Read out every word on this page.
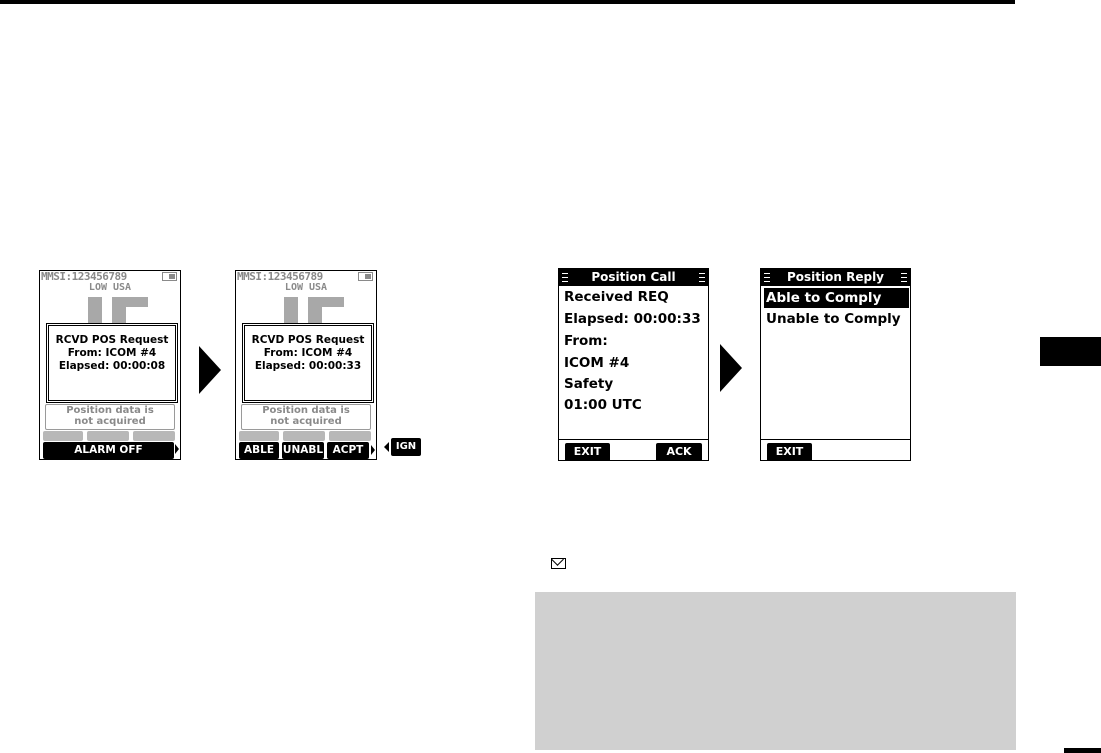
MMSI:123456789
LOW USA
RCVD POS Request
From: ICOM #4
Elapsed: 00:00:08
Position data is
not acquired
ALARM OFF
MMSI:123456789
LOW USA
RCVD POS Request
From: ICOM #4
Elapsed: 00:00:33
Position data is
not acquired
ABLE UNABL ACPT	IGN
Position Call
Received REQ
Elapsed: 00:00:33
From:
ICOM #4
Safety
01:00 UTC
EXIT	ACK
Position Reply
Able to Comply
Unable to Comply
EXIT
